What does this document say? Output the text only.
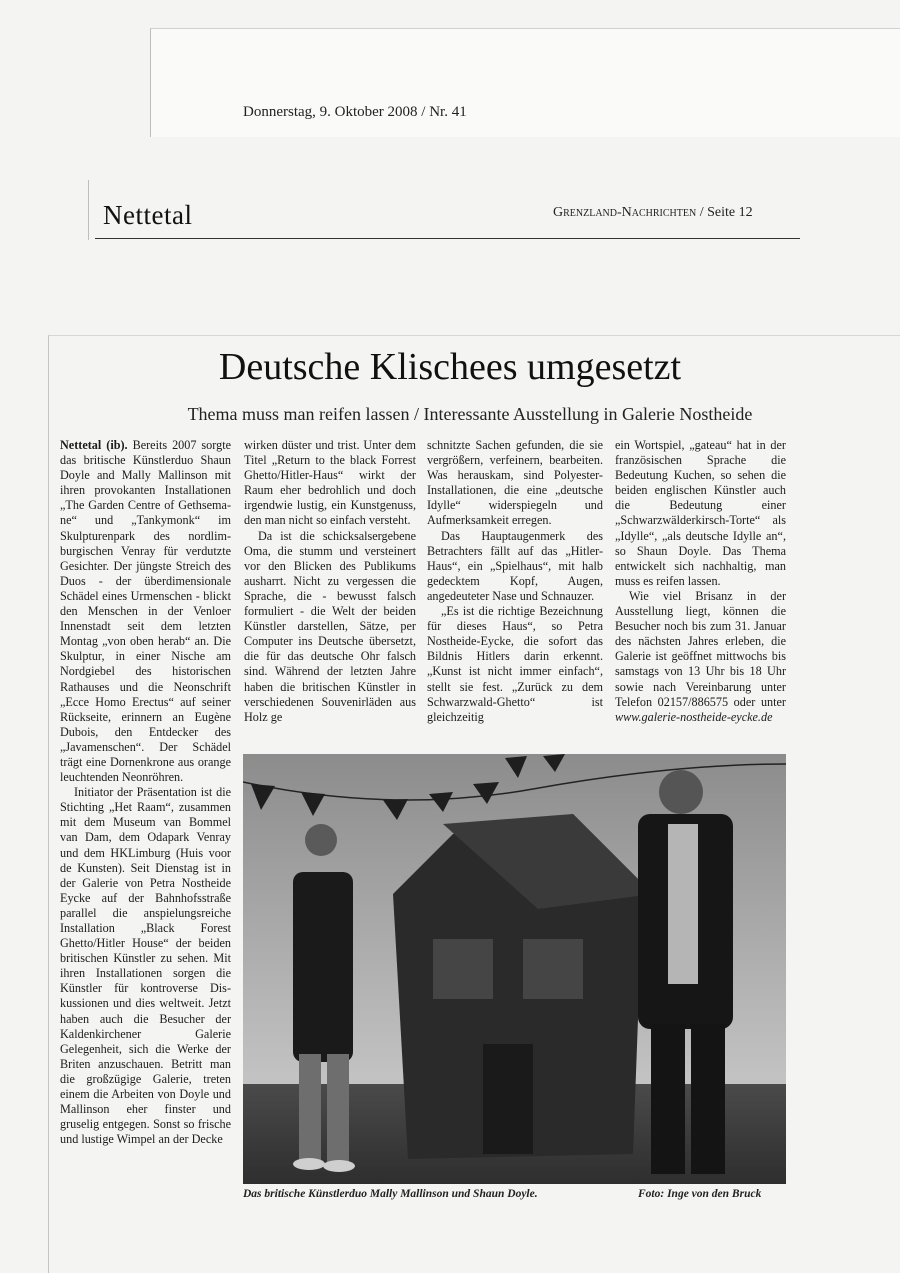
Donnerstag, 9. Oktober 2008 / Nr. 41
Nettetal	Grenzland-Nachrichten / Seite 12
Deutsche Klischees umgesetzt
Thema muss man reifen lassen / Interessante Ausstellung in Galerie Nostheide

Nettetal (ib). Bereits 2007 sorgte das britische Künstlerduo Shaun Doyle and Mally Mallinson mit ihren provokanten Installationen „The Garden Centre of Gethsemane“ und „Tankymonk“ im Skulpturenpark des nordlimburgischen Venray für verdutzte Gesichter. Der jüngste Streich des Duos - der überdimensionale Schädel eines Urmenschen - blickt den Menschen in der Venloer Innenstadt seit dem letzten Montag „von oben herab“ an. Die Skulptur, in einer Nische am Nordgiebel des historischen Rathauses und die Neonschrift „Ecce Homo Erectus“ auf seiner Rückseite, erinnern an Eugène Dubois, den Entdecker des „Javamenschen“. Der Schädel trägt eine Dornenkrone aus orange leuchtenden Neonröhren.

Initiator der Präsentation ist die Stichting „Het Raam“, zusammen mit dem Museum van Bommel van Dam, dem Odapark Venray und dem HKLimburg (Huis voor de Kunsten). Seit Dienstag ist in der Galerie von Petra Nostheide Eycke auf der Bahnhofsstraße parallel die anspielungsreiche Installation „Black Forest Ghetto/Hitler House“ der beiden britischen Künstler zu sehen. Mit ihren Installationen sorgen die Künstler für kontroverse Diskussionen und dies weltweit. Jetzt haben auch die Besucher der Kaldenkirchener Galerie Gelegenheit, sich die Werke der Briten anzuschauen. Betritt man die großzügige Galerie, treten einem die Arbeiten von Doyle und Mallinson eher finster und gruselig entgegen. Sonst so frische und lustige Wimpel an der Decke

wirken düster und trist. Unter dem Titel „Return to the black Forrest Ghetto/Hitler-Haus“ wirkt der Raum eher bedrohlich und doch irgendwie lustig, ein Kunstgenuss, den man nicht so einfach versteht.

Da ist die schicksalsergebene Oma, die stumm und versteinert vor den Blicken des Publikums ausharrt. Nicht zu vergessen die Sprache, die - bewusst falsch formuliert - die Welt der beiden Künstler darstellen, Sätze, per Computer ins Deutsche übersetzt, die für das deutsche Ohr falsch sind. Während der letzten Jahre haben die britischen Künstler in verschiedenen Souvenirläden aus Holz ge

schnitzte Sachen gefunden, die sie vergrößern, verfeinern, bearbeiten. Was herauskam, sind Polyester-Installationen, die eine „deutsche Idylle“ widerspiegeln und Aufmerksamkeit erregen.

Das Hauptaugenmerk des Betrachters fällt auf das „Hitler-Haus“, ein „Spielhaus“, mit halb gedecktem Kopf, Augen, angedeuteter Nase und Schnauzer.

„Es ist die richtige Bezeichnung für dieses Haus“, so Petra Nostheide-Eycke, die sofort das Bildnis Hitlers darin erkennt. „Kunst ist nicht immer einfach“, stellt sie fest. „Zurück zu dem Schwarzwald-Ghetto“ ist gleichzeitig

ein Wortspiel, „gateau“ hat in der französischen Sprache die Bedeutung Kuchen, so sehen die beiden englischen Künstler auch die Bedeutung einer „Schwarzwälderkirsch-Torte“ als „Idylle“, „als deutsche Idylle an“, so Shaun Doyle. Das Thema entwickelt sich nachhaltig, man muss es reifen lassen.

Wie viel Brisanz in der Ausstellung liegt, können die Besucher noch bis zum 31. Januar des nächsten Jahres erleben, die Galerie ist geöffnet mittwochs bis samstags von 13 Uhr bis 18 Uhr sowie nach Vereinbarung unter Telefon 02157/886575 oder unter www.galerie-nostheide-eycke.de

Das britische Künstlerduo Mally Mallinson und Shaun Doyle.	Foto: Inge von den Bruck
